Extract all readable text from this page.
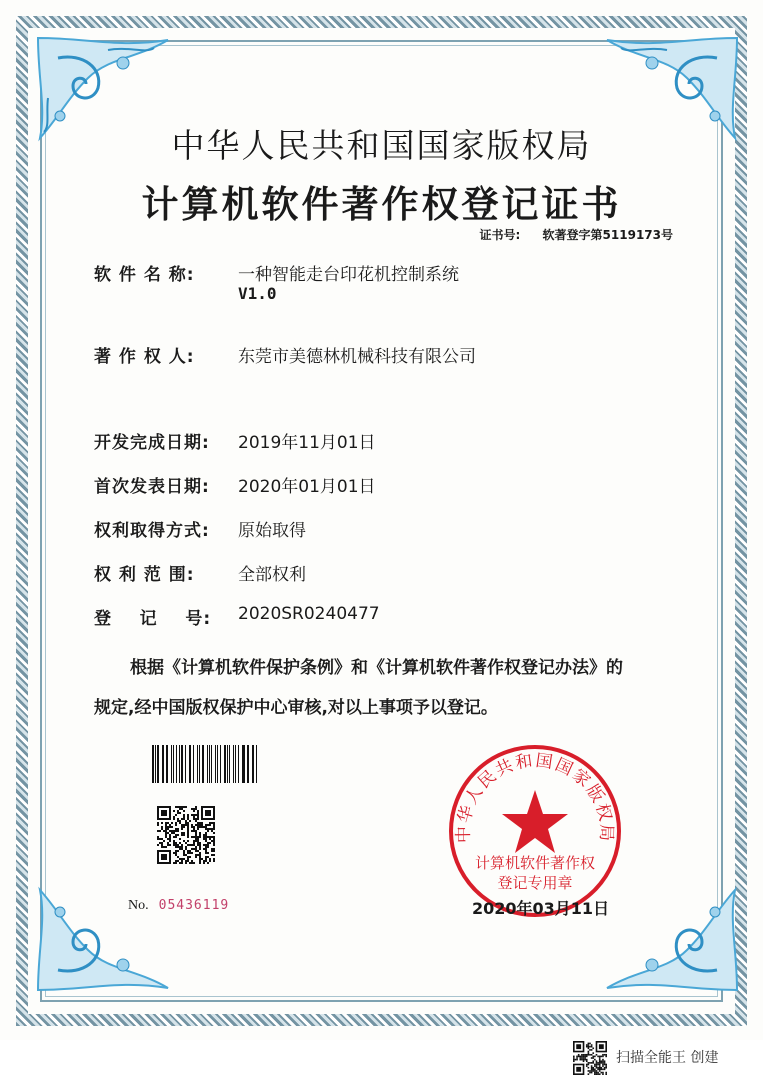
中华人民共和国国家版权局
计算机软件著作权登记证书
证书号: 软著登字第5119173号
软 件 名 称:	一种智能走台印花机控制系统
V1.0
著 作 权 人:	东莞市美德林机械科技有限公司
开发完成日期: 2019年11月01日
首次发表日期: 2020年01月01日
权利取得方式: 原始取得
权 利 范 围:	全部权利
登    记    号: 2020SR0240477
根据《计算机软件保护条例》和《计算机软件著作权登记办法》的
规定,经中国版权保护中心审核,对以上事项予以登记。
No. 05436119
中华人民共和国国家版权局
计算机软件著作权
登记专用章
2020年03月11日
扫描全能王 创建
